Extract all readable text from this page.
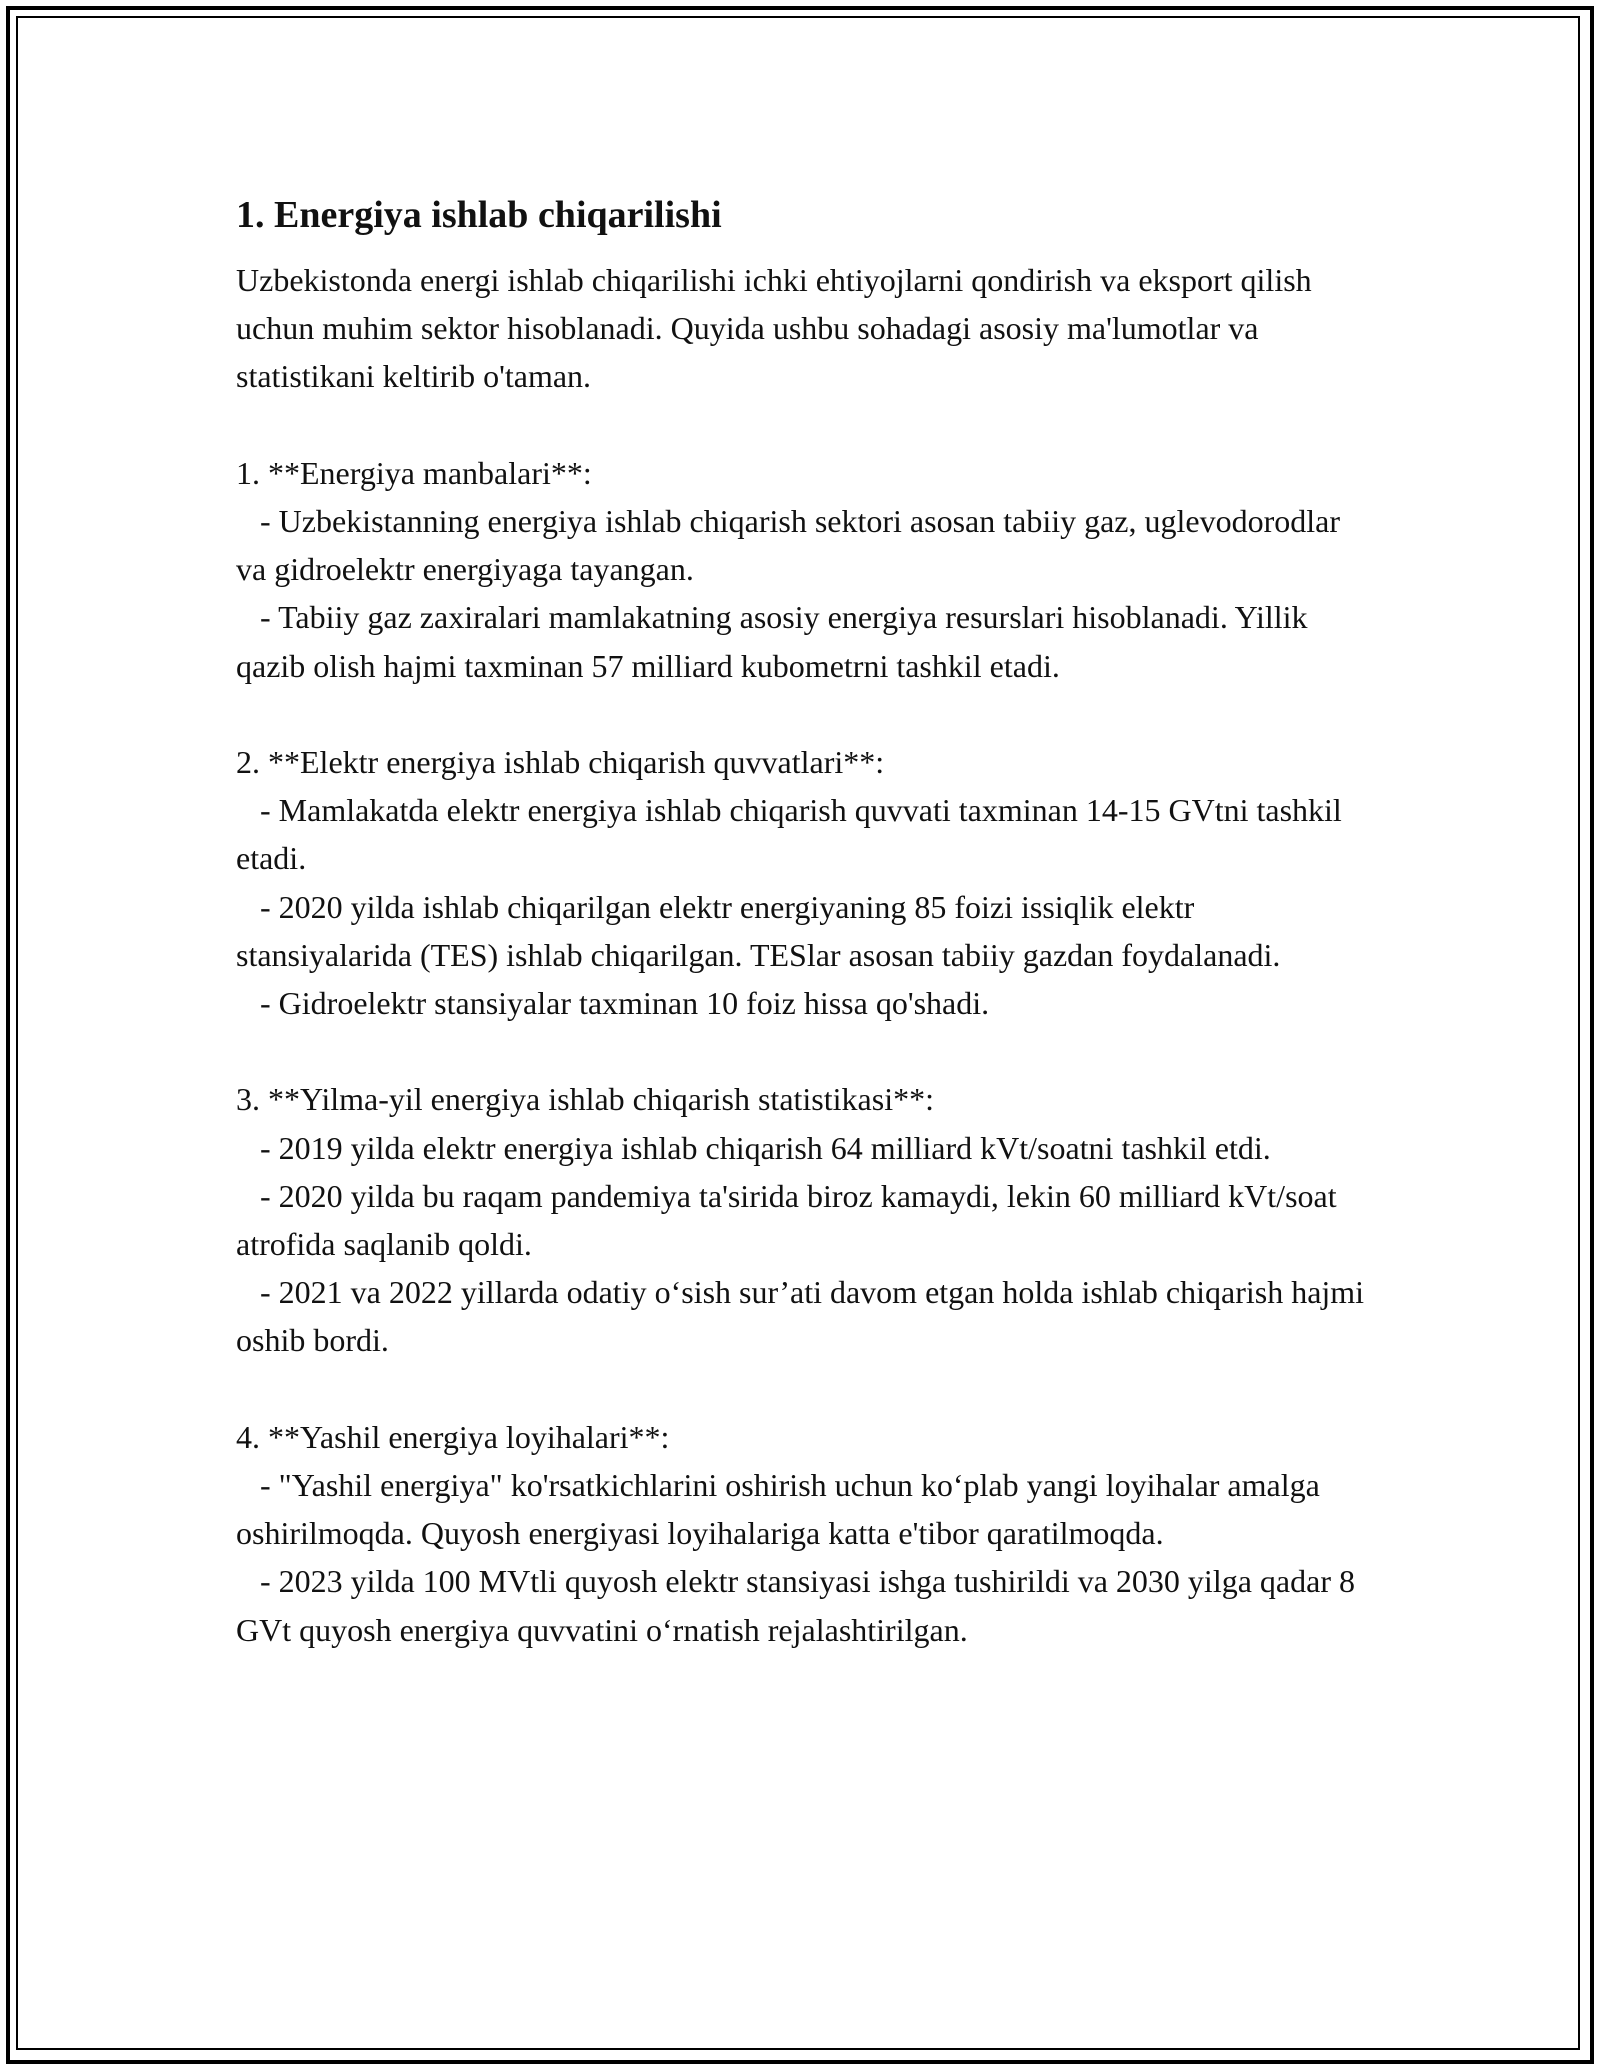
1. Energiya ishlab chiqarilishi

Uzbekistonda energi ishlab chiqarilishi ichki ehtiyojlarni qondirish va eksport qilish uchun muhim sektor hisoblanadi. Quyida ushbu sohadagi asosiy ma'lumotlar va statistikani keltirib o'taman.

1. **Energiya manbalari**:

- Uzbekistanning energiya ishlab chiqarish sektori asosan tabiiy gaz, uglevodorodlar va gidroelektr energiyaga tayangan.

- Tabiiy gaz zaxiralari mamlakatning asosiy energiya resurslari hisoblanadi. Yillik qazib olish hajmi taxminan 57 milliard kubometrni tashkil etadi.

2. **Elektr energiya ishlab chiqarish quvvatlari**:

- Mamlakatda elektr energiya ishlab chiqarish quvvati taxminan 14-15 GVtni tashkil etadi.

- 2020 yilda ishlab chiqarilgan elektr energiyaning 85 foizi issiqlik elektr stansiyalarida (TES) ishlab chiqarilgan. TESlar asosan tabiiy gazdan foydalanadi.

- Gidroelektr stansiyalar taxminan 10 foiz hissa qo'shadi.

3. **Yilma-yil energiya ishlab chiqarish statistikasi**:

- 2019 yilda elektr energiya ishlab chiqarish 64 milliard kVt/soatni tashkil etdi.

- 2020 yilda bu raqam pandemiya ta'sirida biroz kamaydi, lekin 60 milliard kVt/soat atrofida saqlanib qoldi.

- 2021 va 2022 yillarda odatiy o‘sish sur’ati davom etgan holda ishlab chiqarish hajmi oshib bordi.

4. **Yashil energiya loyihalari**:

- "Yashil energiya" ko'rsatkichlarini oshirish uchun ko‘plab yangi loyihalar amalga oshirilmoqda. Quyosh energiyasi loyihalariga katta e'tibor qaratilmoqda.

- 2023 yilda 100 MVtli quyosh elektr stansiyasi ishga tushirildi va 2030 yilga qadar 8 GVt quyosh energiya quvvatini o‘rnatish rejalashtirilgan.
